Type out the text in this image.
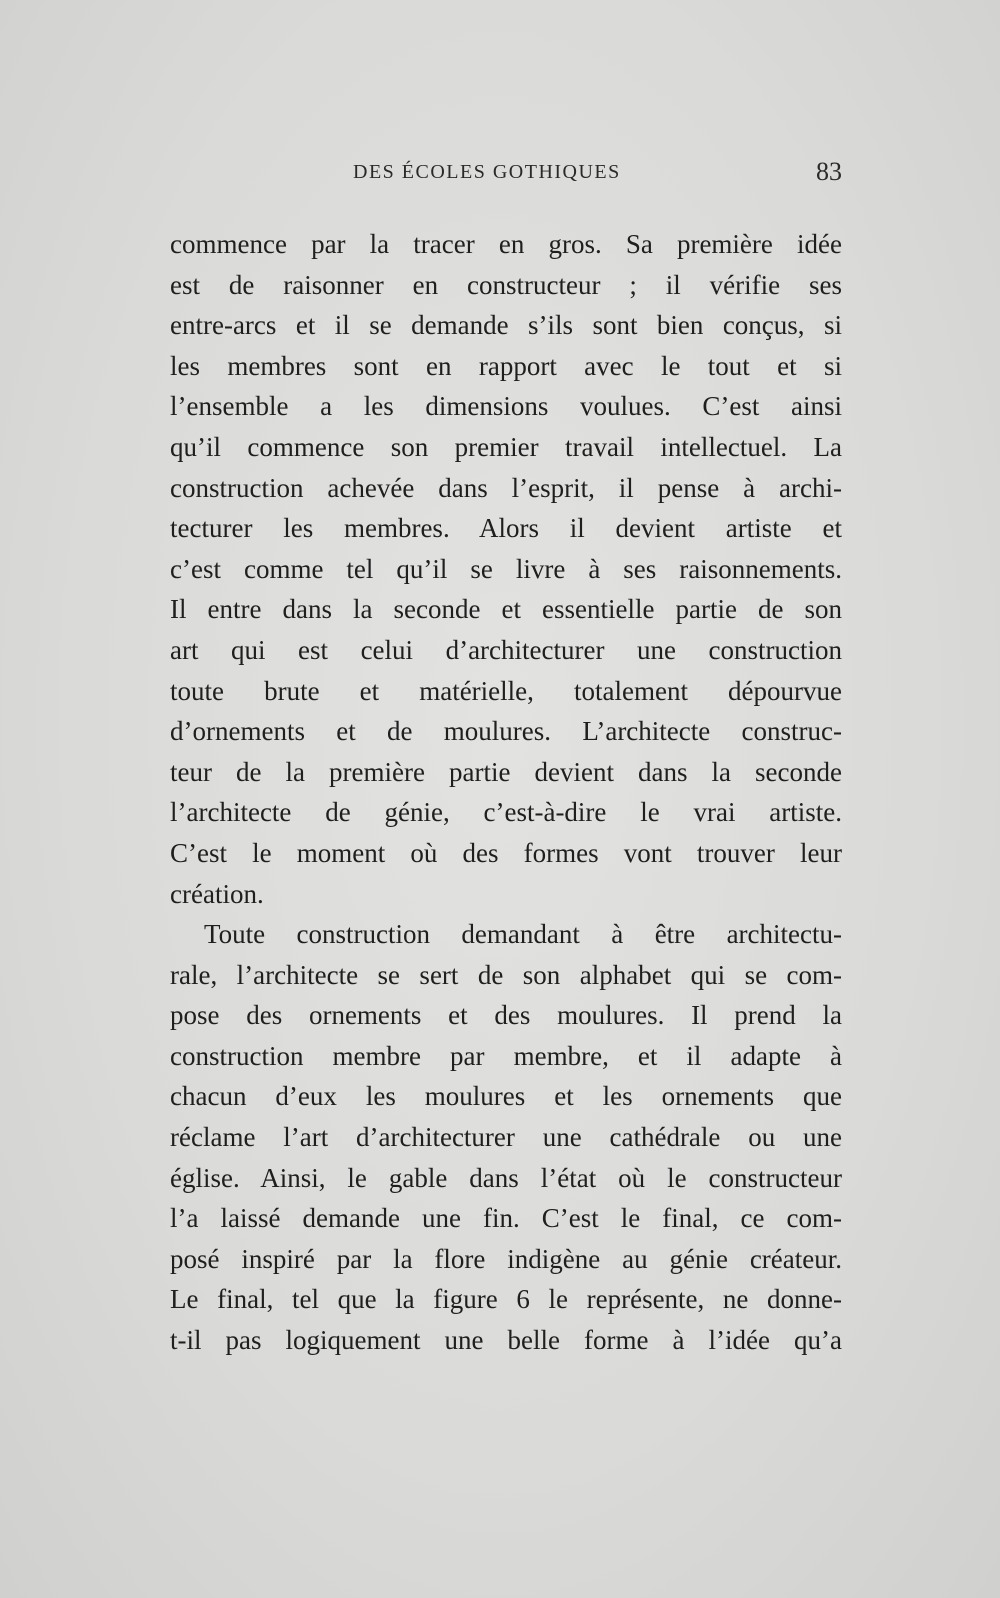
DES ÉCOLES GOTHIQUES	83
commence par la tracer en gros. Sa première idée
est de raisonner en constructeur ; il vérifie ses
entre-arcs et il se demande s’ils sont bien conçus, si
les membres sont en rapport avec le tout et si
l’ensemble a les dimensions voulues. C’est ainsi
qu’il commence son premier travail intellectuel. La
construction achevée dans l’esprit, il pense à archi-
tecturer les membres. Alors il devient artiste et
c’est comme tel qu’il se livre à ses raisonnements.
Il entre dans la seconde et essentielle partie de son
art qui est celui d’architecturer une construction
toute brute et matérielle, totalement dépourvue
d’ornements et de moulures. L’architecte construc-
teur de la première partie devient dans la seconde
l’architecte de génie, c’est-à-dire le vrai artiste.
C’est le moment où des formes vont trouver leur
création.
Toute construction demandant à être architectu-
rale, l’architecte se sert de son alphabet qui se com-
pose des ornements et des moulures. Il prend la
construction membre par membre, et il adapte à
chacun d’eux les moulures et les ornements que
réclame l’art d’architecturer une cathédrale ou une
église. Ainsi, le gable dans l’état où le constructeur
l’a laissé demande une fin. C’est le final, ce com-
posé inspiré par la flore indigène au génie créateur.
Le final, tel que la figure 6 le représente, ne donne-
t-il pas logiquement une belle forme à l’idée qu’a
